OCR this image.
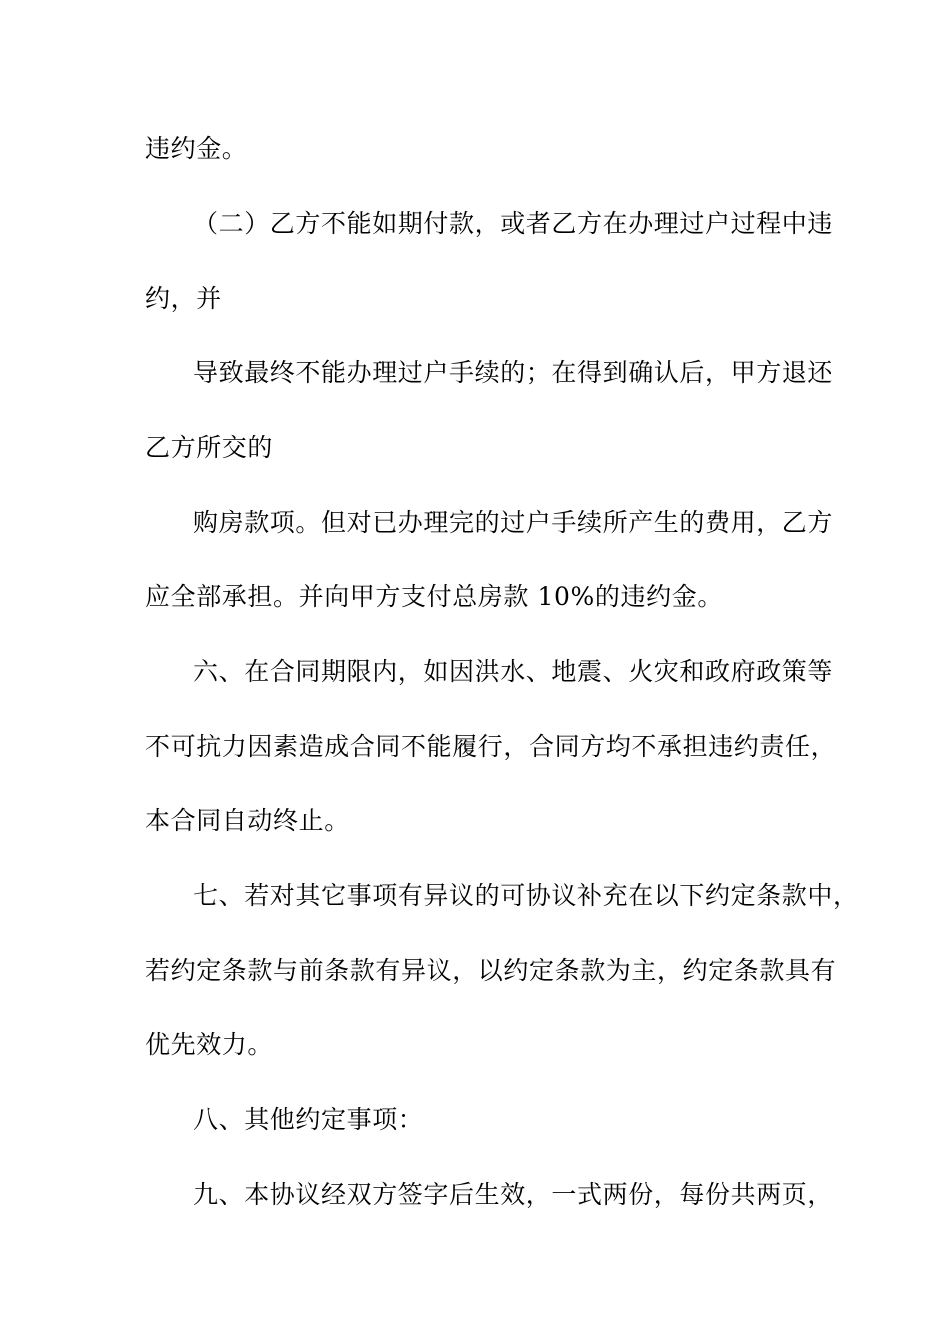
违约金。
（二）乙方不能如期付款，或者乙方在办理过户过程中违
约，并
导致最终不能办理过户手续的；在得到确认后，甲方退还
乙方所交的
购房款项。但对已办理完的过户手续所产生的费用，乙方
应全部承担。并向甲方支付总房款 10%的违约金。
六、在合同期限内，如因洪水、地震、火灾和政府政策等
不可抗力因素造成合同不能履行，合同方均不承担违约责任，
本合同自动终止。
七、若对其它事项有异议的可协议补充在以下约定条款中，
若约定条款与前条款有异议，以约定条款为主，约定条款具有
优先效力。
八、其他约定事项：
九、本协议经双方签字后生效，一式两份，每份共两页，
